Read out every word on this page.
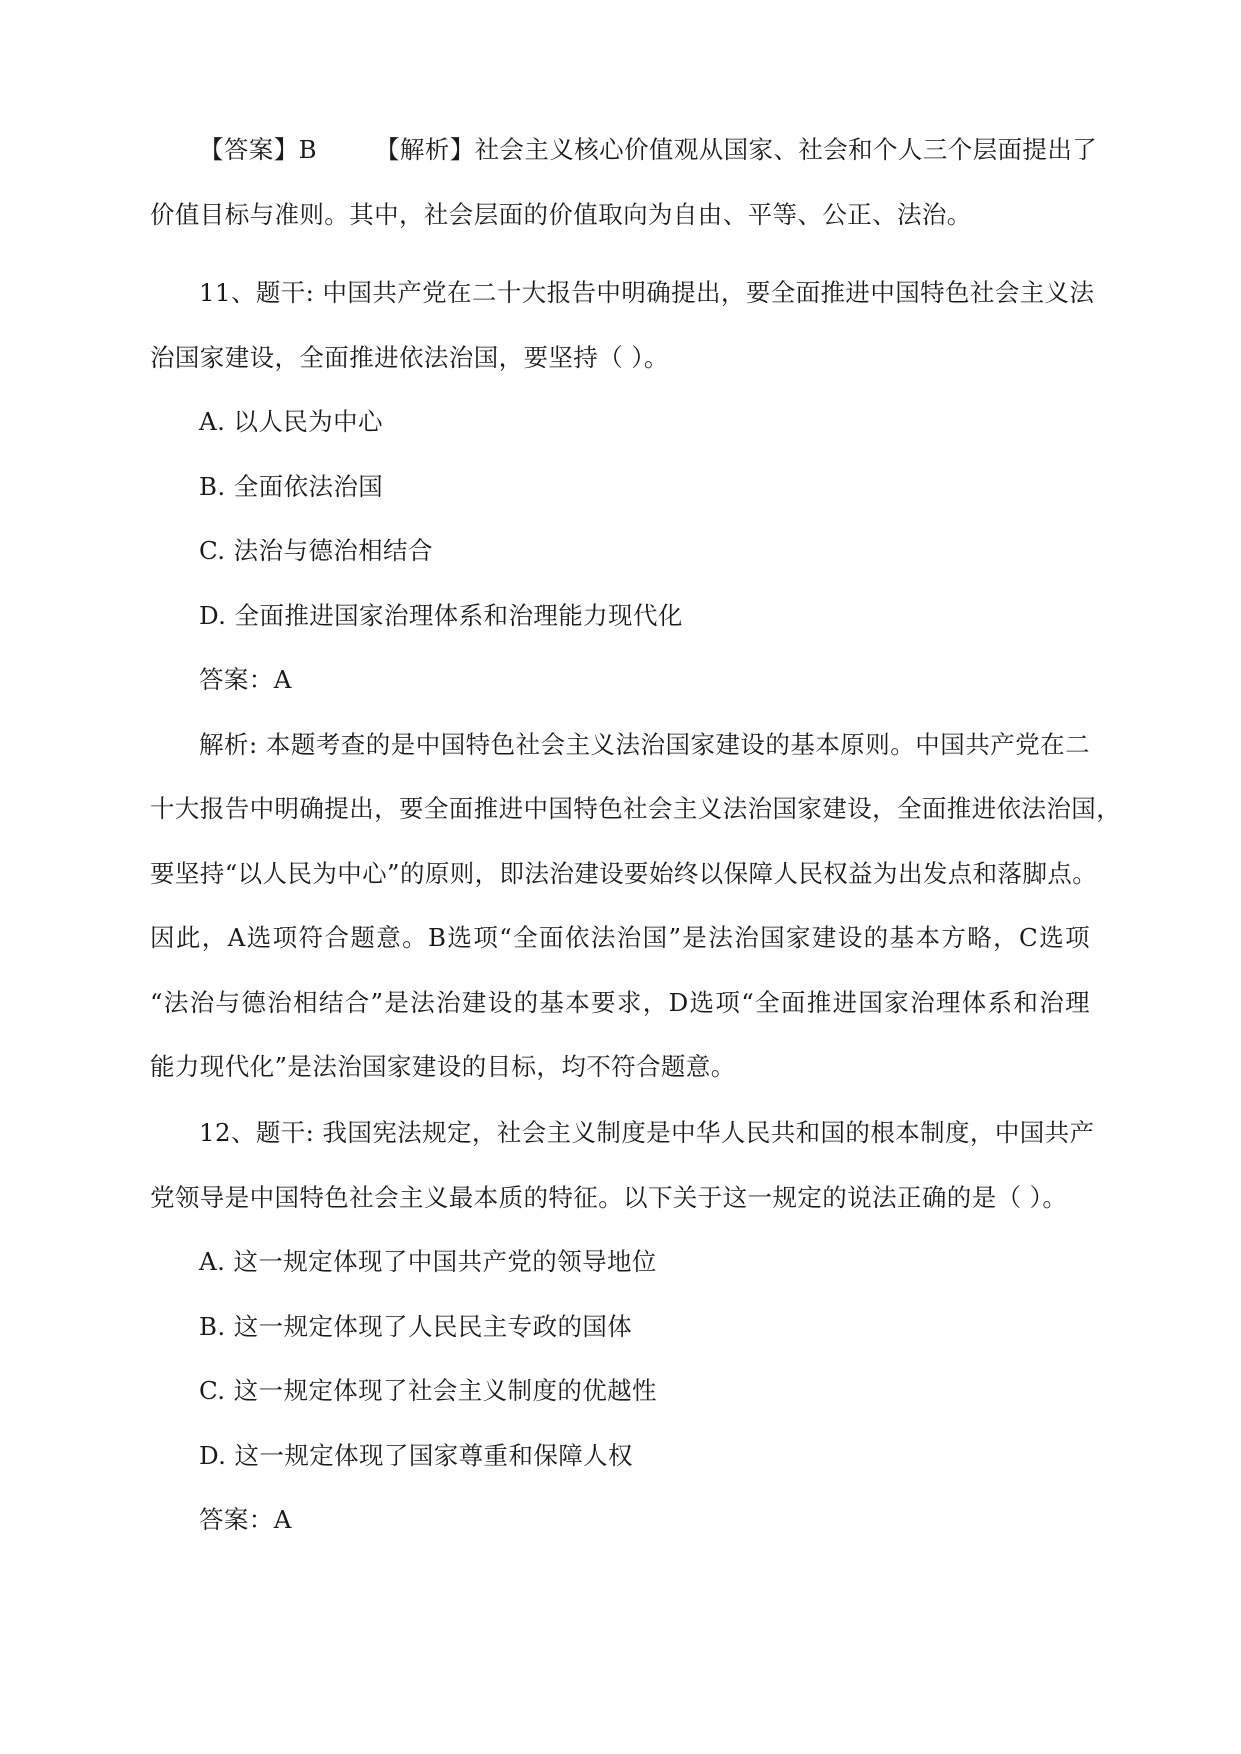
【答案】B 【解析】社会主义核心价值观从国家、社会和个人三个层面提出了
价值目标与准则。其中，社会层面的价值取向为自由、平等、公正、法治。
11、题干: 中国共产党在二十大报告中明确提出，要全面推进中国特色社会主义法
治国家建设，全面推进依法治国，要坚持（ ）。
A. 以人民为中心
B. 全面依法治国
C. 法治与德治相结合
D. 全面推进国家治理体系和治理能力现代化
答案：A
解析: 本题考查的是中国特色社会主义法治国家建设的基本原则。中国共产党在二
十大报告中明确提出，要全面推进中国特色社会主义法治国家建设，全面推进依法治国，
要坚持“以人民为中心”的原则，即法治建设要始终以保障人民权益为出发点和落脚点。
因此，A选项符合题意。B选项“全面依法治国”是法治国家建设的基本方略，C选项
“法治与德治相结合”是法治建设的基本要求，D选项“全面推进国家治理体系和治理
能力现代化”是法治国家建设的目标，均不符合题意。
12、题干: 我国宪法规定，社会主义制度是中华人民共和国的根本制度，中国共产
党领导是中国特色社会主义最本质的特征。以下关于这一规定的说法正确的是（ ）。
A. 这一规定体现了中国共产党的领导地位
B. 这一规定体现了人民民主专政的国体
C. 这一规定体现了社会主义制度的优越性
D. 这一规定体现了国家尊重和保障人权
答案：A
